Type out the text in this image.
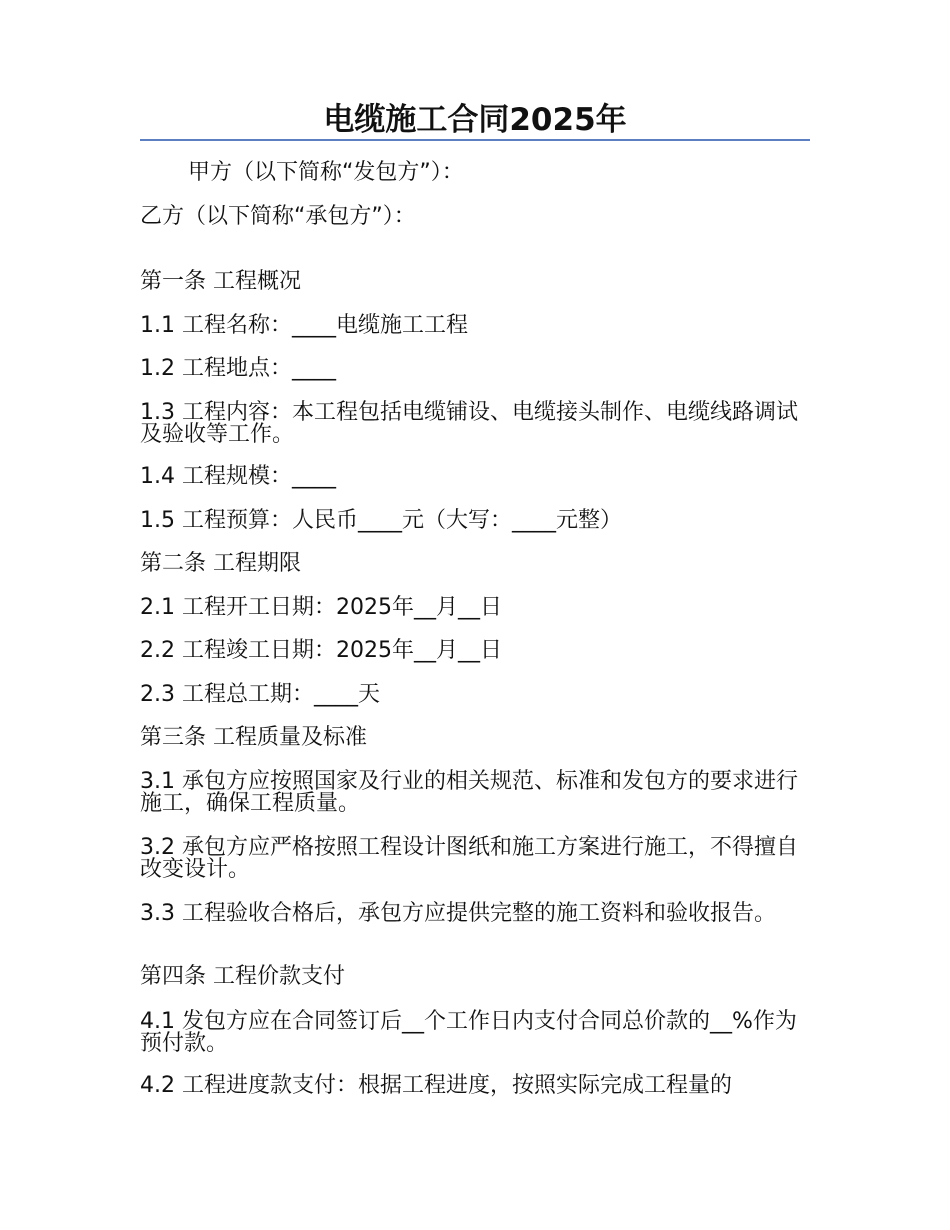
电缆施工合同2025年
甲方（以下简称“发包方”）：
乙方（以下简称“承包方”）：
第一条 工程概况
1.1 工程名称：____电缆施工工程
1.2 工程地点：____
1.3 工程内容：本工程包括电缆铺设、电缆接头制作、电缆线路调试及验收等工作。
1.4 工程规模：____
1.5 工程预算：人民币____元（大写：____元整）
第二条 工程期限
2.1 工程开工日期：2025年__月__日
2.2 工程竣工日期：2025年__月__日
2.3 工程总工期：____天
第三条 工程质量及标准
3.1 承包方应按照国家及行业的相关规范、标准和发包方的要求进行施工，确保工程质量。
3.2 承包方应严格按照工程设计图纸和施工方案进行施工，不得擅自改变设计。
3.3 工程验收合格后，承包方应提供完整的施工资料和验收报告。
第四条 工程价款支付
4.1 发包方应在合同签订后__个工作日内支付合同总价款的__%作为预付款。
4.2 工程进度款支付：根据工程进度，按照实际完成工程量的
